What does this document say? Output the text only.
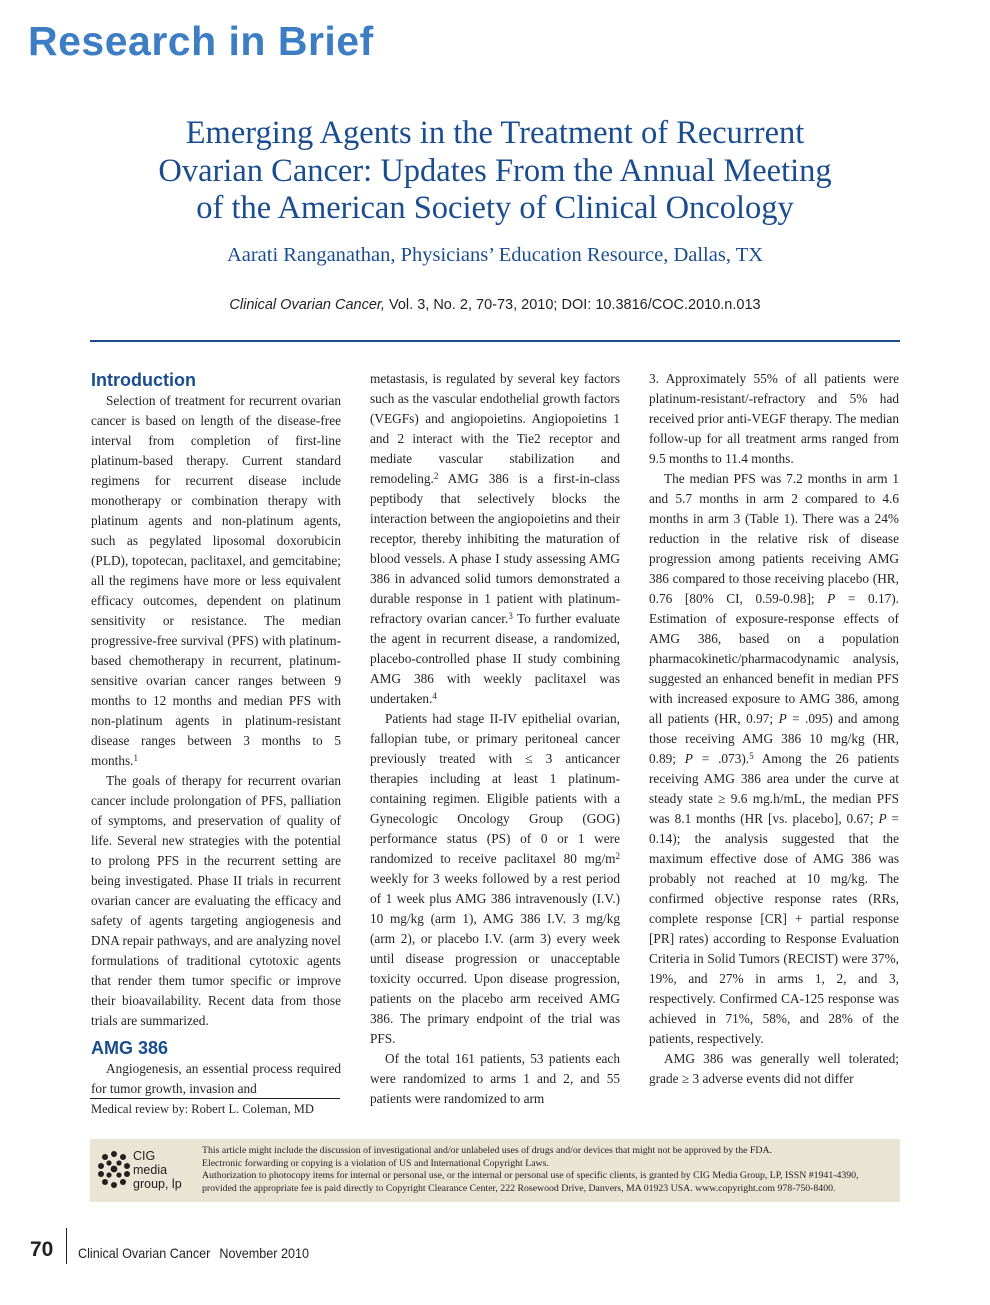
Research in Brief
Emerging Agents in the Treatment of Recurrent
Ovarian Cancer: Updates From the Annual Meeting
of the American Society of Clinical Oncology
Aarati Ranganathan, Physicians’ Education Resource, Dallas, TX
Clinical Ovarian Cancer, Vol. 3, No. 2, 70-73, 2010; DOI: 10.3816/COC.2010.n.013
Introduction

Selection of treatment for recurrent ovarian cancer is based on length of the disease-free interval from completion of first-line platinum-based therapy. Current standard regimens for recurrent disease include monotherapy or combination therapy with platinum agents and non-platinum agents, such as pegylated liposomal doxorubicin (PLD), topotecan, paclitaxel, and gemcitabine; all the regimens have more or less equivalent efficacy outcomes, dependent on platinum sensitivity or resistance. The median progressive-free survival (PFS) with platinum-based chemotherapy in recurrent, platinum-sensitive ovarian cancer ranges between 9 months to 12 months and median PFS with non-platinum agents in platinum-resistant disease ranges between 3 months to 5 months.$^1$

The goals of therapy for recurrent ovarian cancer include prolongation of PFS, palliation of symptoms, and preservation of quality of life. Several new strategies with the potential to prolong PFS in the recurrent setting are being investigated. Phase II trials in recurrent ovarian cancer are evaluating the efficacy and safety of agents targeting angiogenesis and DNA repair pathways, and are analyzing novel formulations of traditional cytotoxic agents that render them tumor specific or improve their bioavailability. Recent data from those trials are summarized.

AMG 386

Angiogenesis, an essential process required for tumor growth, invasion and

metastasis, is regulated by several key factors such as the vascular endothelial growth factors (VEGFs) and angiopoietins. Angiopoietins 1 and 2 interact with the Tie2 receptor and mediate vascular stabilization and remodeling.$^2$ AMG 386 is a first-in-class peptibody that selectively blocks the interaction between the angiopoietins and their receptor, thereby inhibiting the maturation of blood vessels. A phase I study assessing AMG 386 in advanced solid tumors demonstrated a durable response in 1 patient with platinum-refractory ovarian cancer.$^3$ To further evaluate the agent in recurrent disease, a randomized, placebo-controlled phase II study combining AMG 386 with weekly paclitaxel was undertaken.$^4$

Patients had stage II-IV epithelial ovarian, fallopian tube, or primary peritoneal cancer previously treated with ≤ 3 anticancer therapies including at least 1 platinum-containing regimen. Eligible patients with a Gynecologic Oncology Group (GOG) performance status (PS) of 0 or 1 were randomized to receive paclitaxel 80 $mg/m^2$ weekly for 3 weeks followed by a rest period of 1 week plus AMG 386 intravenously (I.V.) 10 mg/kg (arm 1), AMG 386 I.V. 3 mg/kg (arm 2), or placebo I.V. (arm 3) every week until disease progression or unacceptable toxicity occurred. Upon disease progression, patients on the placebo arm received AMG 386. The primary endpoint of the trial was PFS.

Of the total 161 patients, 53 patients each were randomized to arms 1 and 2, and 55 patients were randomized to arm

3. Approximately 55% of all patients were platinum-resistant/-refractory and 5% had received prior anti-VEGF therapy. The median follow-up for all treatment arms ranged from 9.5 months to 11.4 months.

The median PFS was 7.2 months in arm 1 and 5.7 months in arm 2 compared to 4.6 months in arm 3 (Table 1). There was a 24% reduction in the relative risk of disease progression among patients receiving AMG 386 compared to those receiving placebo (HR, 0.76 [80% CI, 0.59-0.98]; P = 0.17). Estimation of exposure-response effects of AMG 386, based on a population pharmacokinetic/pharmacodynamic analysis, suggested an enhanced benefit in median PFS with increased exposure to AMG 386, among all patients (HR, 0.97; P = .095) and among those receiving AMG 386 10 mg/kg (HR, 0.89; P = .073).$^5$ Among the 26 patients receiving AMG 386 area under the curve at steady state ≥ 9.6 mg.h/mL, the median PFS was 8.1 months (HR [vs. placebo], 0.67; P = 0.14); the analysis suggested that the maximum effective dose of AMG 386 was probably not reached at 10 mg/kg. The confirmed objective response rates (RRs, complete response [CR] + partial response [PR] rates) according to Response Evaluation Criteria in Solid Tumors (RECIST) were 37%, 19%, and 27% in arms 1, 2, and 3, respectively. Confirmed CA-125 response was achieved in 71%, 58%, and 28% of the patients, respectively.

AMG 386 was generally well tolerated; grade ≥ 3 adverse events did not differ

Medical review by: Robert L. Coleman, MD
CIG
media
group, lp
This article might include the discussion of investigational and/or unlabeled uses of drugs and/or devices that might not be approved by the FDA.
Electronic forwarding or copying is a violation of US and International Copyright Laws.
Authorization to photocopy items for internal or personal use, or the internal or personal use of specific clients, is granted by CIG Media Group, LP, ISSN #1941-4390,
provided the appropriate fee is paid directly to Copyright Clearance Center, 222 Rosewood Drive, Danvers, MA 01923 USA. www.copyright.com 978-750-8400.
70 Clinical Ovarian Cancer November 2010
